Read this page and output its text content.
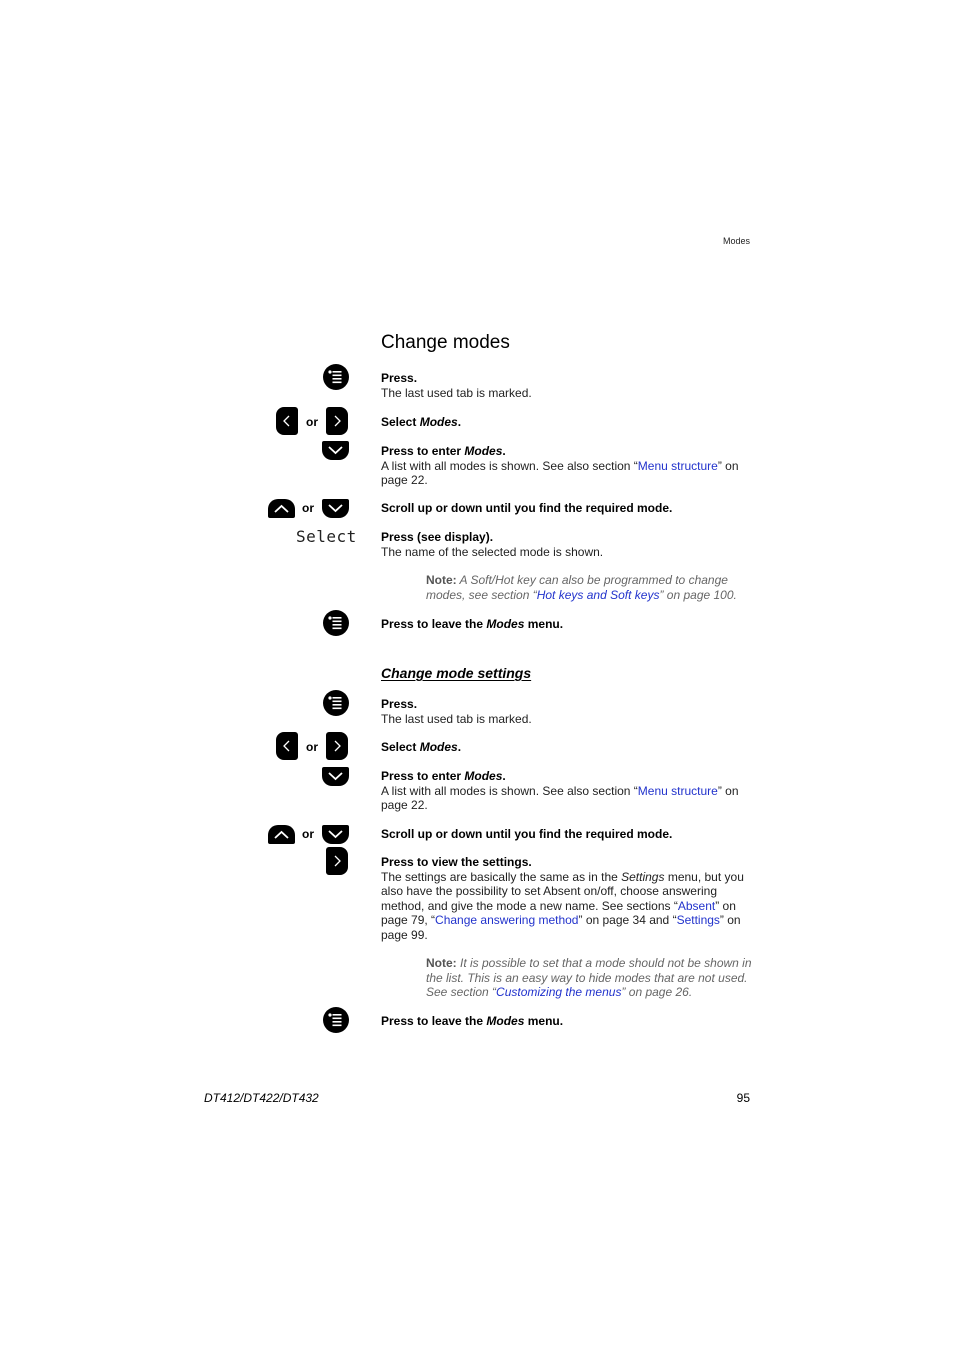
Modes
Change modes
or
or
Select
Press.
The last used tab is marked.
Select Modes.
Press to enter Modes.
A list with all modes is shown. See also section “Menu structure” on page 22.
Scroll up or down until you find the required mode.
Press (see display).
The name of the selected mode is shown.
Note: A Soft/Hot key can also be programmed to change modes, see section “Hot keys and Soft keys” on page 100.
Press to leave the Modes menu.
Change mode settings
or
or
Press.
The last used tab is marked.
Select Modes.
Press to enter Modes.
A list with all modes is shown. See also section “Menu structure” on page 22.
Scroll up or down until you find the required mode.
Press to view the settings.
The settings are basically the same as in the Settings menu, but you also have the possibility to set Absent on/off, choose answering method, and give the mode a new name. See sections “Absent” on page 79, “Change answering method” on page 34 and “Settings” on page 99.
Note: It is possible to set that a mode should not be shown in the list. This is an easy way to hide modes that are not used. See section “Customizing the menus” on page 26.
Press to leave the Modes menu.
DT412/DT422/DT432	95
